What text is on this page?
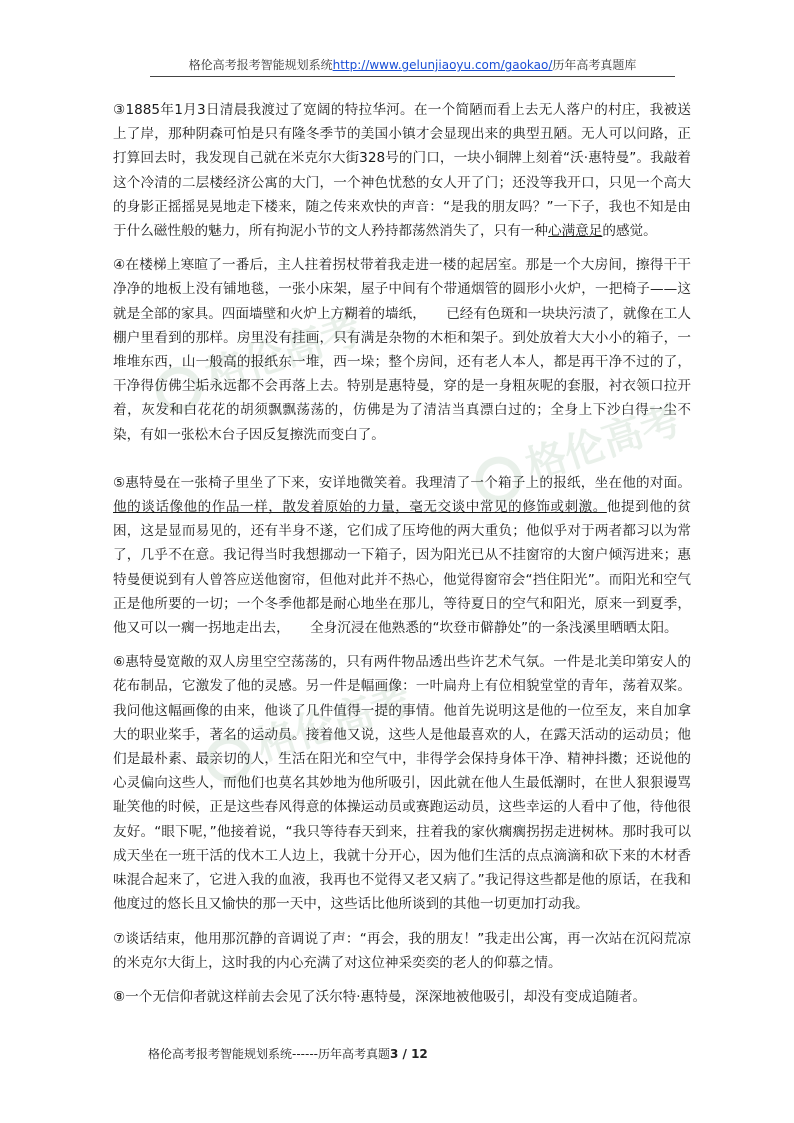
格伦高考报考智能规划系统http://www.gelunjiaoyu.com/gaokao/历年高考真题库
格伦高考
格伦高考
格伦高考

③1885年1月3日清晨我渡过了宽阔的特拉华河。在一个简陋而看上去无人落户的村庄，我被送上了岸，那种阴森可怕是只有隆冬季节的美国小镇才会显现出来的典型丑陋。无人可以问路，正打算回去时，我发现自己就在米克尔大街328号的门口，一块小铜牌上刻着“沃·惠特曼”。我敲着这个冷清的二层楼经济公寓的大门，一个神色忧愁的女人开了门；还没等我开口，只见一个高大的身影正摇摇晃晃地走下楼来，随之传来欢快的声音：“是我的朋友吗？”一下子，我也不知是由于什么磁性般的魅力，所有拘泥小节的文人矜持都荡然消失了，只有一种心满意足的感觉。

④在楼梯上寒暄了一番后，主人拄着拐杖带着我走进一楼的起居室。那是一个大房间，擦得干干净净的地板上没有铺地毯，一张小床架，屋子中间有个带通烟管的圆形小火炉，一把椅子——这就是全部的家具。四面墙壁和火炉上方糊着的墙纸，　　已经有色斑和一块块污渍了，就像在工人棚户里看到的那样。房里没有挂画，只有满是杂物的木柜和架子。到处放着大大小小的箱子，一堆堆东西，山一般高的报纸东一堆，西一垛；整个房间，还有老人本人，都是再干净不过的了，干净得仿佛尘垢永远都不会再落上去。特别是惠特曼，穿的是一身粗灰呢的套服，衬衣领口拉开着，灰发和白花花的胡须飘飘荡荡的，仿佛是为了清洁当真漂白过的；全身上下沙白得一尘不染，有如一张松木台子因反复擦洗而变白了。

⑤惠特曼在一张椅子里坐了下来，安详地微笑着。我理清了一个箱子上的报纸，坐在他的对面。他的谈话像他的作品一样，散发着原始的力量，毫无交谈中常见的修饰或刺激。他提到他的贫困，这是显而易见的，还有半身不遂，它们成了压垮他的两大重负；他似乎对于两者都习以为常了，几乎不在意。我记得当时我想挪动一下箱子，因为阳光已从不挂窗帘的大窗户倾泻进来；惠特曼便说到有人曾答应送他窗帘，但他对此并不热心，他觉得窗帘会“挡住阳光”。而阳光和空气正是他所要的一切；一个冬季他都是耐心地坐在那儿，等待夏日的空气和阳光，原来一到夏季，他又可以一瘸一拐地走出去，　　全身沉浸在他熟悉的“坎登市僻静处”的一条浅溪里晒晒太阳。

⑥惠特曼宽敞的双人房里空空荡荡的，只有两件物品透出些许艺术气氛。一件是北美印第安人的花布制品，它激发了他的灵感。另一件是幅画像：一叶扁舟上有位相貌堂堂的青年，荡着双桨。我问他这幅画像的由来，他谈了几件值得一提的事情。他首先说明这是他的一位至友，来自加拿大的职业桨手，著名的运动员。接着他又说，这些人是他最喜欢的人，在露天活动的运动员；他们是最朴素、最亲切的人，生活在阳光和空气中，非得学会保持身体干净、精神抖擞；还说他的心灵偏向这些人，而他们也莫名其妙地为他所吸引，因此就在他人生最低潮时，在世人狠狠谩骂耻笑他的时候，正是这些春风得意的体操运动员或赛跑运动员，这些幸运的人看中了他，待他很友好。“眼下呢，”他接着说，“我只等待春天到来，拄着我的家伙瘸瘸拐拐走进树林。那时我可以成天坐在一班干活的伐木工人边上，我就十分开心，因为他们生活的点点滴滴和砍下来的木材香味混合起来了，它进入我的血液，我再也不觉得又老又病了。”我记得这些都是他的原话，在我和他度过的悠长且又愉快的那一天中，这些话比他所谈到的其他一切更加打动我。

⑦谈话结束，他用那沉静的音调说了声：“再会，我的朋友！”我走出公寓，再一次站在沉闷荒凉的米克尔大街上，这时我的内心充满了对这位神采奕奕的老人的仰慕之情。

⑧一个无信仰者就这样前去会见了沃尔特·惠特曼，深深地被他吸引，却没有变成追随者。

格伦高考报考智能规划系统------历年高考真题3 / 12
